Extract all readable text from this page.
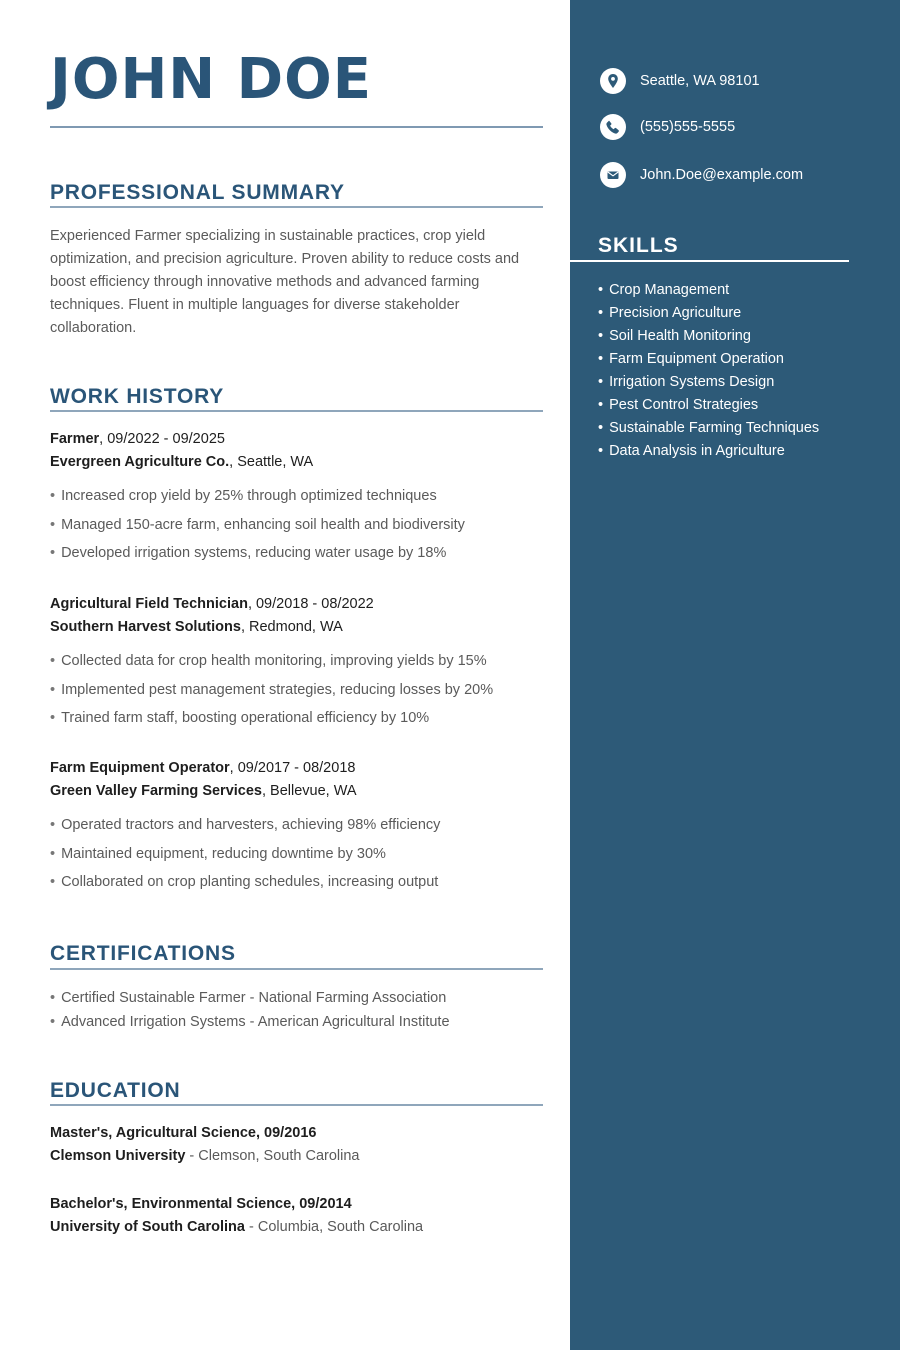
JOHN DOE
PROFESSIONAL SUMMARY

Experienced Farmer specializing in sustainable practices, crop yield optimization, and precision agriculture. Proven ability to reduce costs and boost efficiency through innovative methods and advanced farming techniques. Fluent in multiple languages for diverse stakeholder collaboration.

WORK HISTORY
Farmer, 09/2022 - 09/2025
Evergreen Agriculture Co., Seattle, WA
• Increased crop yield by 25% through optimized techniques
• Managed 150-acre farm, enhancing soil health and biodiversity
• Developed irrigation systems, reducing water usage by 18%
Agricultural Field Technician, 09/2018 - 08/2022
Southern Harvest Solutions, Redmond, WA
• Collected data for crop health monitoring, improving yields by 15%
• Implemented pest management strategies, reducing losses by 20%
• Trained farm staff, boosting operational efficiency by 10%
Farm Equipment Operator, 09/2017 - 08/2018
Green Valley Farming Services, Bellevue, WA
• Operated tractors and harvesters, achieving 98% efficiency
• Maintained equipment, reducing downtime by 30%
• Collaborated on crop planting schedules, increasing output
CERTIFICATIONS
• Certified Sustainable Farmer - National Farming Association
• Advanced Irrigation Systems - American Agricultural Institute
EDUCATION
Master's, Agricultural Science, 09/2016
Clemson University - Clemson, South Carolina
Bachelor's, Environmental Science, 09/2014
University of South Carolina - Columbia, South Carolina
Seattle, WA 98101
(555)555-5555
John.Doe@example.com
SKILLS
• Crop Management
• Precision Agriculture
• Soil Health Monitoring
• Farm Equipment Operation
• Irrigation Systems Design
• Pest Control Strategies
• Sustainable Farming Techniques
• Data Analysis in Agriculture
